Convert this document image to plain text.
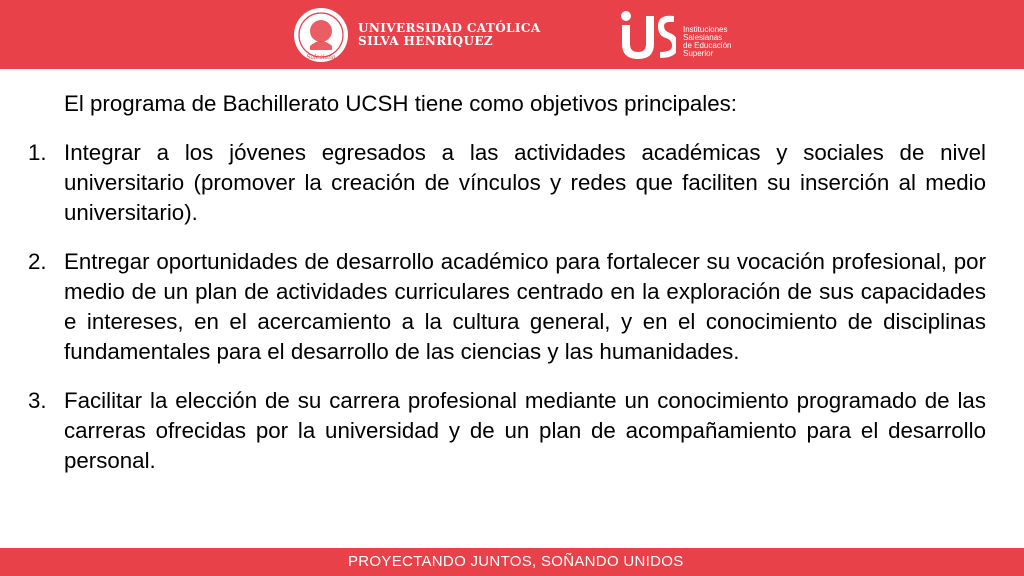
Salesiana
UNIVERSIDAD CATÓLICA
SILVA HENRÍQUEZ
Instituciones
Salesianas
de Educación
Superior

El programa de Bachillerato UCSH tiene como objetivos principales:

1. Integrar a los jóvenes egresados a las actividades académicas y sociales de nivel universitario (promover la creación de vínculos y redes que faciliten su inserción al medio universitario).
2. Entregar oportunidades de desarrollo académico para fortalecer su vocación profesional, por medio de un plan de actividades curriculares centrado en la exploración de sus capacidades e intereses, en el acercamiento a la cultura general, y en el conocimiento de disciplinas fundamentales para el desarrollo de las ciencias y las humanidades.
3. Facilitar la elección de su carrera profesional mediante un conocimiento programado de las carreras ofrecidas por la universidad y de un plan de acompañamiento para el desarrollo personal.
PROYECTANDO JUNTOS, SOÑANDO UNIDOS
